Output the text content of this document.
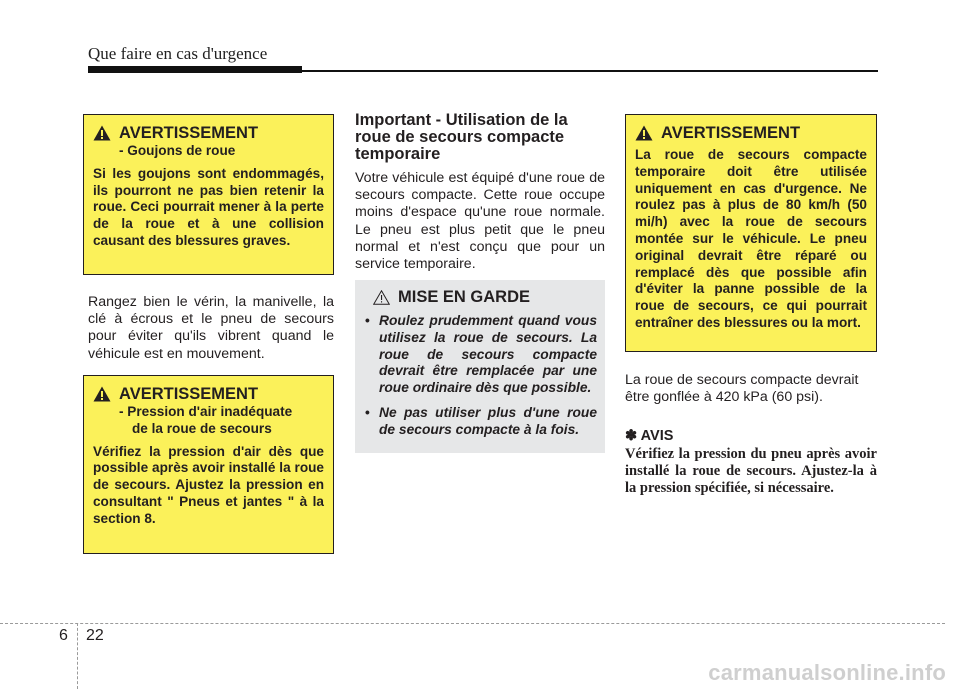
Que faire en cas d'urgence
AVERTISSEMENT
- Goujons de roue
Si les goujons sont endommagés, ils pourront ne pas bien retenir la roue. Ceci pourrait mener à la perte de la roue et à une collision causant des blessures graves.
Rangez bien le vérin, la manivelle, la clé à écrous et le pneu de secours pour éviter qu'ils vibrent quand le véhicule est en mouvement.
AVERTISSEMENT
- Pression d'air inadéquate
de la roue de secours
Vérifiez la pression d'air dès que possible après avoir installé la roue de secours. Ajustez la pression en consultant " Pneus et jantes " à la section 8.
Important - Utilisation de la roue de secours compacte temporaire
Votre véhicule est équipé d'une roue de secours compacte. Cette roue occupe moins d'espace qu'une roue normale. Le pneu est plus petit que le pneu normal et n'est conçu que pour un service temporaire.
MISE EN GARDE
• Roulez prudemment quand vous utilisez la roue de secours. La roue de secours compacte devrait être remplacée par une roue ordinaire dès que possible.
• Ne pas utiliser plus d'une roue de secours compacte à la fois.
AVERTISSEMENT
La roue de secours compacte temporaire doit être utilisée uniquement en cas d'urgence. Ne roulez pas à plus de 80 km/h (50 mi/h) avec la roue de secours montée sur le véhicule. Le pneu original devrait être réparé ou remplacé dès que possible afin d'éviter la panne possible de la roue de secours, ce qui pourrait entraîner des blessures ou la mort.
La roue de secours compacte devrait être gonflée à 420 kPa (60 psi).
✽ AVIS
Vérifiez la pression du pneu après avoir installé la roue de secours. Ajustez-la à la pression spécifiée, si nécessaire.
6 22
carmanualsonline.info
